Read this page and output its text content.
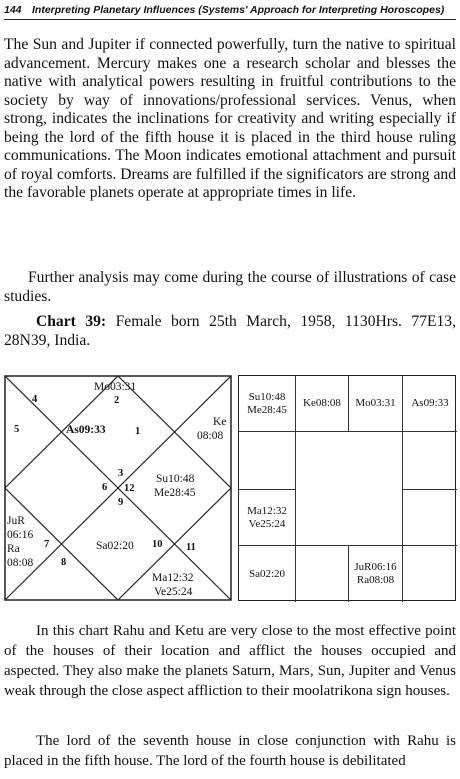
144 Interpreting Planetary Influences (Systems' Approach for Interpreting Horoscopes)

The Sun and Jupiter if connected powerfully, turn the native to spiritual advancement. Mercury makes one a research scholar and blesses the native with analytical powers resulting in fruitful contributions to the society by way of innovations/professional services. Venus, when strong, indicates the inclinations for creativity and writing especially if being the lord of the fifth house it is placed in the third house ruling communications. The Moon indicates emotional attachment and pursuit of royal comforts. Dreams are fulfilled if the significators are strong and the favorable planets operate at appropriate times in life.

Further analysis may come during the course of illustrations of case studies.

Chart 39: Female born 25th March, 1958, 1130Hrs. 77E13, 28N39, India.

Mo03:31
2
4
5	As09:33	1
Ke
08:08
3
6 12
9
Su10:48
Me28:45
JuR
06:16
Ra
08:08
7
8
Sa02:20 10 11
Ma12:32
Ve25:24
Su10:48
Me28:45
Ke08:08 Mo03:31 As09:33
Ma12:32
Ve25:24
Sa02:20
JuR06:16
Ra08:08

In this chart Rahu and Ketu are very close to the most effective point of the houses of their location and afflict the houses occupied and aspected. They also make the planets Saturn, Mars, Sun, Jupiter and Venus weak through the close aspect affliction to their moolatrikona sign houses.

The lord of the seventh house in close conjunction with Rahu is placed in the fifth house. The lord of the fourth house is debilitated
